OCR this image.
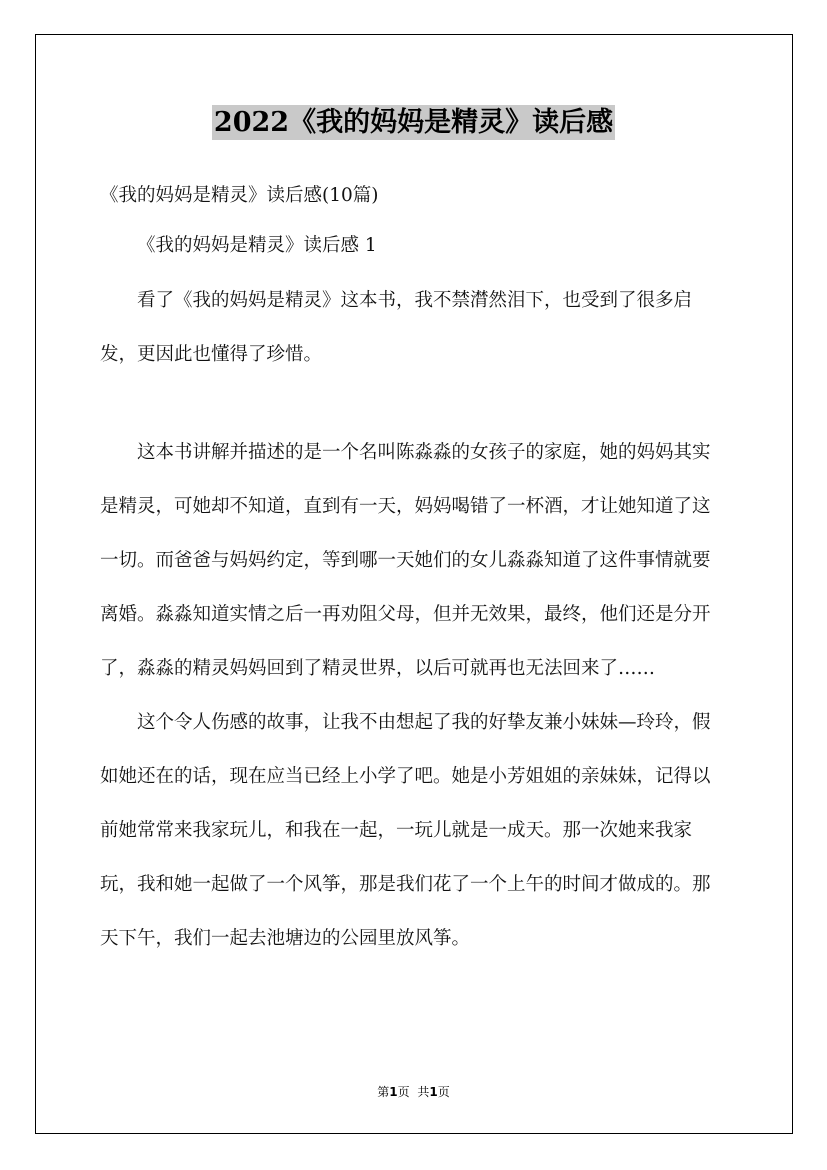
2022《我的妈妈是精灵》读后感

《我的妈妈是精灵》读后感(10篇)

《我的妈妈是精灵》读后感 1

看了《我的妈妈是精灵》这本书，我不禁潸然泪下，也受到了很多启发，更因此也懂得了珍惜。

这本书讲解并描述的是一个名叫陈淼淼的女孩子的家庭，她的妈妈其实是精灵，可她却不知道，直到有一天，妈妈喝错了一杯酒，才让她知道了这一切。而爸爸与妈妈约定，等到哪一天她们的女儿淼淼知道了这件事情就要离婚。淼淼知道实情之后一再劝阻父母，但并无效果，最终，他们还是分开了，淼淼的精灵妈妈回到了精灵世界，以后可就再也无法回来了……

这个令人伤感的故事，让我不由想起了我的好挚友兼小妹妹—玲玲，假如她还在的话，现在应当已经上小学了吧。她是小芳姐姐的亲妹妹，记得以前她常常来我家玩儿，和我在一起，一玩儿就是一成天。那一次她来我家玩，我和她一起做了一个风筝，那是我们花了一个上午的时间才做成的。那天下午，我们一起去池塘边的公园里放风筝。

第1页 共1页
